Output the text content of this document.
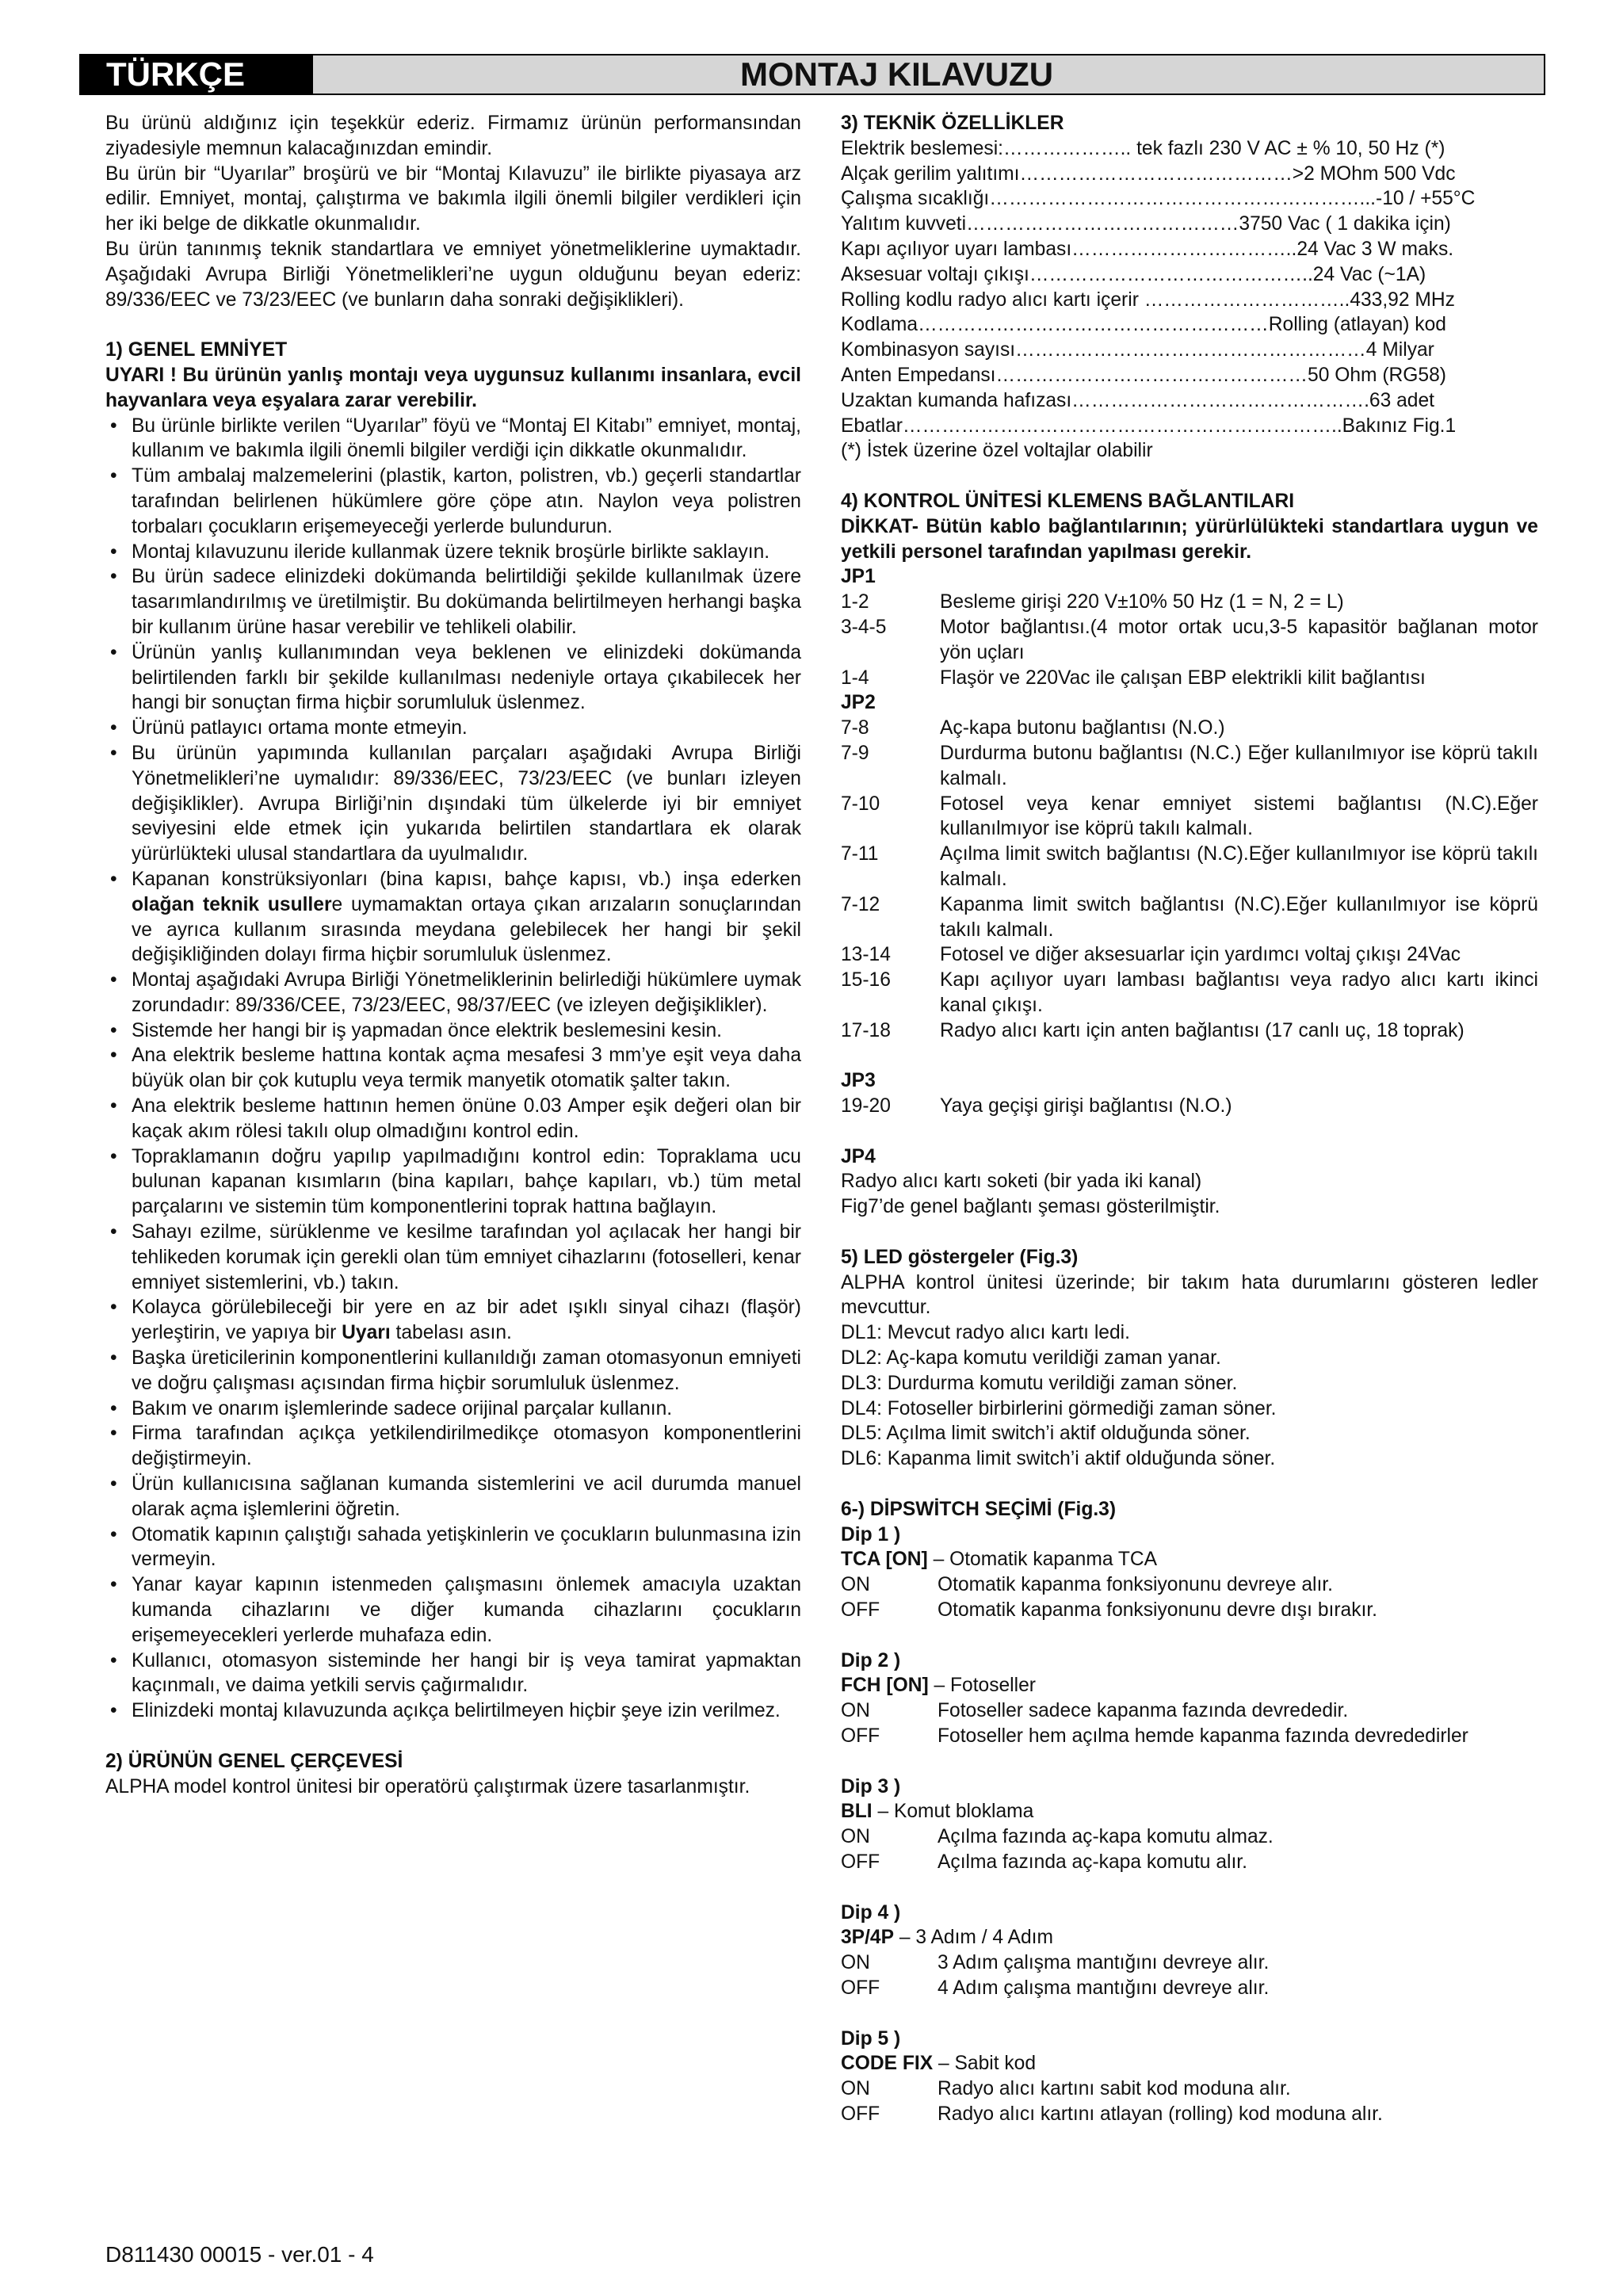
TÜRKÇE	MONTAJ KILAVUZU

Bu ürünü aldığınız için teşekkür ederiz. Firmamız ürünün performansından ziyadesiyle memnun kalacağınızdan emindir.

Bu ürün bir “Uyarılar” broşürü ve bir “Montaj Kılavuzu” ile birlikte piyasaya arz edilir. Emniyet, montaj, çalıştırma ve bakımla ilgili önemli bilgiler verdikleri için her iki belge de dikkatle okunmalıdır.

Bu ürün tanınmış teknik standartlara ve emniyet yönetmeliklerine uymaktadır. Aşağıdaki Avrupa Birliği Yönetmelikleri’ne uygun olduğunu beyan ederiz: 89/336/EEC ve 73/23/EEC (ve bunların daha sonraki değişiklikleri).

1) GENEL EMNİYET

UYARI ! Bu ürünün yanlış montajı veya uygunsuz kullanımı insanlara, evcil hayvanlara veya eşyalara zarar verebilir.

• Bu ürünle birlikte verilen “Uyarılar” föyü ve “Montaj El Kitabı” emniyet, montaj, kullanım ve bakımla ilgili önemli bilgiler verdiği için dikkatle okunmalıdır.
• Tüm ambalaj malzemelerini (plastik, karton, polistren, vb.) geçerli standartlar tarafından belirlenen hükümlere göre çöpe atın. Naylon veya polistren torbaları çocukların erişemeyeceği yerlerde bulundurun.
• Montaj kılavuzunu ileride kullanmak üzere teknik broşürle birlikte saklayın.
• Bu ürün sadece elinizdeki dokümanda belirtildiği şekilde kullanılmak üzere tasarımlandırılmış ve üretilmiştir. Bu dokümanda belirtilmeyen herhangi başka bir kullanım ürüne hasar verebilir ve tehlikeli olabilir.
• Ürünün yanlış kullanımından veya beklenen ve elinizdeki dokümanda belirtilenden farklı bir şekilde kullanılması nedeniyle ortaya çıkabilecek her hangi bir sonuçtan firma hiçbir sorumluluk üslenmez.
• Ürünü patlayıcı ortama monte etmeyin.
• Bu ürünün yapımında kullanılan parçaları aşağıdaki Avrupa Birliği Yönetmelikleri’ne uymalıdır: 89/336/EEC, 73/23/EEC (ve bunları izleyen değişiklikler). Avrupa Birliği’nin dışındaki tüm ülkelerde iyi bir emniyet seviyesini elde etmek için yukarıda belirtilen standartlara ek olarak yürürlükteki ulusal standartlara da uyulmalıdır.
• Kapanan konstrüksiyonları (bina kapısı, bahçe kapısı, vb.) inşa ederken olağan teknik usullere uymamaktan ortaya çıkan arızaların sonuçlarından ve ayrıca kullanım sırasında meydana gelebilecek her hangi bir şekil değişikliğinden dolayı firma hiçbir sorumluluk üslenmez.
• Montaj aşağıdaki Avrupa Birliği Yönetmeliklerinin belirlediği hükümlere uymak zorundadır: 89/336/CEE, 73/23/EEC, 98/37/EEC (ve izleyen değişiklikler).
• Sistemde her hangi bir iş yapmadan önce elektrik beslemesini kesin.
• Ana elektrik besleme hattına kontak açma mesafesi 3 mm’ye eşit veya daha büyük olan bir çok kutuplu veya termik manyetik otomatik şalter takın.
• Ana elektrik besleme hattının hemen önüne 0.03 Amper eşik değeri olan bir kaçak akım rölesi takılı olup olmadığını kontrol edin.
• Topraklamanın doğru yapılıp yapılmadığını kontrol edin: Topraklama ucu bulunan kapanan kısımların (bina kapıları, bahçe kapıları, vb.) tüm metal parçalarını ve sistemin tüm komponentlerini toprak hattına bağlayın.
• Sahayı ezilme, sürüklenme ve kesilme tarafından yol açılacak her hangi bir tehlikeden korumak için gerekli olan tüm emniyet cihazlarını (fotoselleri, kenar emniyet sistemlerini, vb.) takın.
• Kolayca görülebileceği bir yere en az bir adet ışıklı sinyal cihazı (flaşör) yerleştirin, ve yapıya bir Uyarı tabelası asın.
• Başka üreticilerinin komponentlerini kullanıldığı zaman otomasyonun emniyeti ve doğru çalışması açısından firma hiçbir sorumluluk üslenmez.
• Bakım ve onarım işlemlerinde sadece orijinal parçalar kullanın.
• Firma tarafından açıkça yetkilendirilmedikçe otomasyon komponentlerini değiştirmeyin.
• Ürün kullanıcısına sağlanan kumanda sistemlerini ve acil durumda manuel olarak açma işlemlerini öğretin.
• Otomatik kapının çalıştığı sahada yetişkinlerin ve çocukların bulunmasına izin vermeyin.
• Yanar kayar kapının istenmeden çalışmasını önlemek amacıyla uzaktan kumanda cihazlarını ve diğer kumanda cihazlarını çocukların erişemeyecekleri yerlerde muhafaza edin.
• Kullanıcı, otomasyon sisteminde her hangi bir iş veya tamirat yapmaktan kaçınmalı, ve daima yetkili servis çağırmalıdır.
• Elinizdeki montaj kılavuzunda açıkça belirtilmeyen hiçbir şeye izin verilmez.

2) ÜRÜNÜN GENEL ÇERÇEVESİ

ALPHA model kontrol ünitesi bir operatörü çalıştırmak üzere tasarlanmıştır.

3) TEKNİK ÖZELLİKLER

Elektrik beslemesi:……………….. tek fazlı 230 V AC ± % 10, 50 Hz (*)

Alçak gerilim yalıtımı……………………………………>2 MOhm 500 Vdc

Çalışma sıcaklığı…………………………………………………...-10 / +55°C

Yalıtım kuvveti……………………………………3750 Vac ( 1 dakika için)

Kapı açılıyor uyarı lambası……………………………..24 Vac 3 W maks.

Aksesuar voltajı çıkışı……………………………………..24 Vac (~1A)

Rolling kodlu radyo alıcı kartı içerir …………………………..433,92 MHz

Kodlama………………………………………………Rolling (atlayan) kod

Kombinasyon sayısı………………………………………………4 Milyar

Anten Empedansı…………………………………………50 Ohm (RG58)

Uzaktan kumanda hafızası……………………………………….63 adet

Ebatlar…………………………………………………………..Bakınız Fig.1

(*) İstek üzerine özel voltajlar olabilir

4) KONTROL ÜNİTESİ KLEMENS BAĞLANTILARI

DİKKAT- Bütün kablo bağlantılarının; yürürlülükteki standartlara uygun ve yetkili personel tarafından yapılması gerekir.

JP1

1-2	Besleme girişi 220 V±10% 50 Hz (1 = N, 2 = L)
3-4-5	Motor bağlantısı.(4 motor ortak ucu,3-5 kapasitör bağlanan motor yön uçları
1-4	Flaşör ve 220Vac ile çalışan EBP elektrikli kilit bağlantısı

JP2

7-8	Aç-kapa butonu bağlantısı (N.O.)
7-9	Durdurma butonu bağlantısı (N.C.) Eğer kullanılmıyor ise köprü takılı kalmalı.
7-10	Fotosel veya kenar emniyet sistemi bağlantısı (N.C).Eğer kullanılmıyor ise köprü takılı kalmalı.
7-11	Açılma limit switch bağlantısı (N.C).Eğer kullanılmıyor ise köprü takılı kalmalı.
7-12	Kapanma limit switch bağlantısı (N.C).Eğer kullanılmıyor ise köprü takılı kalmalı.
13-14	Fotosel ve diğer aksesuarlar için yardımcı voltaj çıkışı 24Vac
15-16	Kapı açılıyor uyarı lambası bağlantısı veya radyo alıcı kartı ikinci kanal çıkışı.
17-18	Radyo alıcı kartı için anten bağlantısı (17 canlı uç, 18 toprak)

JP3

19-20	Yaya geçişi girişi bağlantısı (N.O.)

JP4

Radyo alıcı kartı soketi (bir yada iki kanal)

Fig7’de genel bağlantı şeması gösterilmiştir.

5) LED göstergeler (Fig.3)

ALPHA kontrol ünitesi üzerinde; bir takım hata durumlarını gösteren ledler mevcuttur.

DL1: Mevcut radyo alıcı kartı ledi.

DL2: Aç-kapa komutu verildiği zaman yanar.

DL3: Durdurma komutu verildiği zaman söner.

DL4: Fotoseller birbirlerini görmediği zaman söner.

DL5: Açılma limit switch’i aktif olduğunda söner.

DL6: Kapanma limit switch’i aktif olduğunda söner.

6-) DİPSWİTCH SEÇİMİ (Fig.3)

Dip 1 )

TCA [ON] – Otomatik kapanma TCA

ON	Otomatik kapanma fonksiyonunu devreye alır.
OFF	Otomatik kapanma fonksiyonunu devre dışı bırakır.

Dip 2 )

FCH [ON] – Fotoseller

ON	Fotoseller sadece kapanma fazında devrededir.
OFF	Fotoseller hem açılma hemde kapanma fazında devrededirler

Dip 3 )

BLI – Komut bloklama

ON	Açılma fazında aç-kapa komutu almaz.
OFF	Açılma fazında aç-kapa komutu alır.

Dip 4 )

3P/4P – 3 Adım / 4 Adım

ON	3 Adım çalışma mantığını devreye alır.
OFF	4 Adım çalışma mantığını devreye alır.

Dip 5 )

CODE FIX – Sabit kod

ON	Radyo alıcı kartını sabit kod moduna alır.
OFF	Radyo alıcı kartını atlayan (rolling) kod moduna alır.
D811430 00015 - ver.01 - 4
